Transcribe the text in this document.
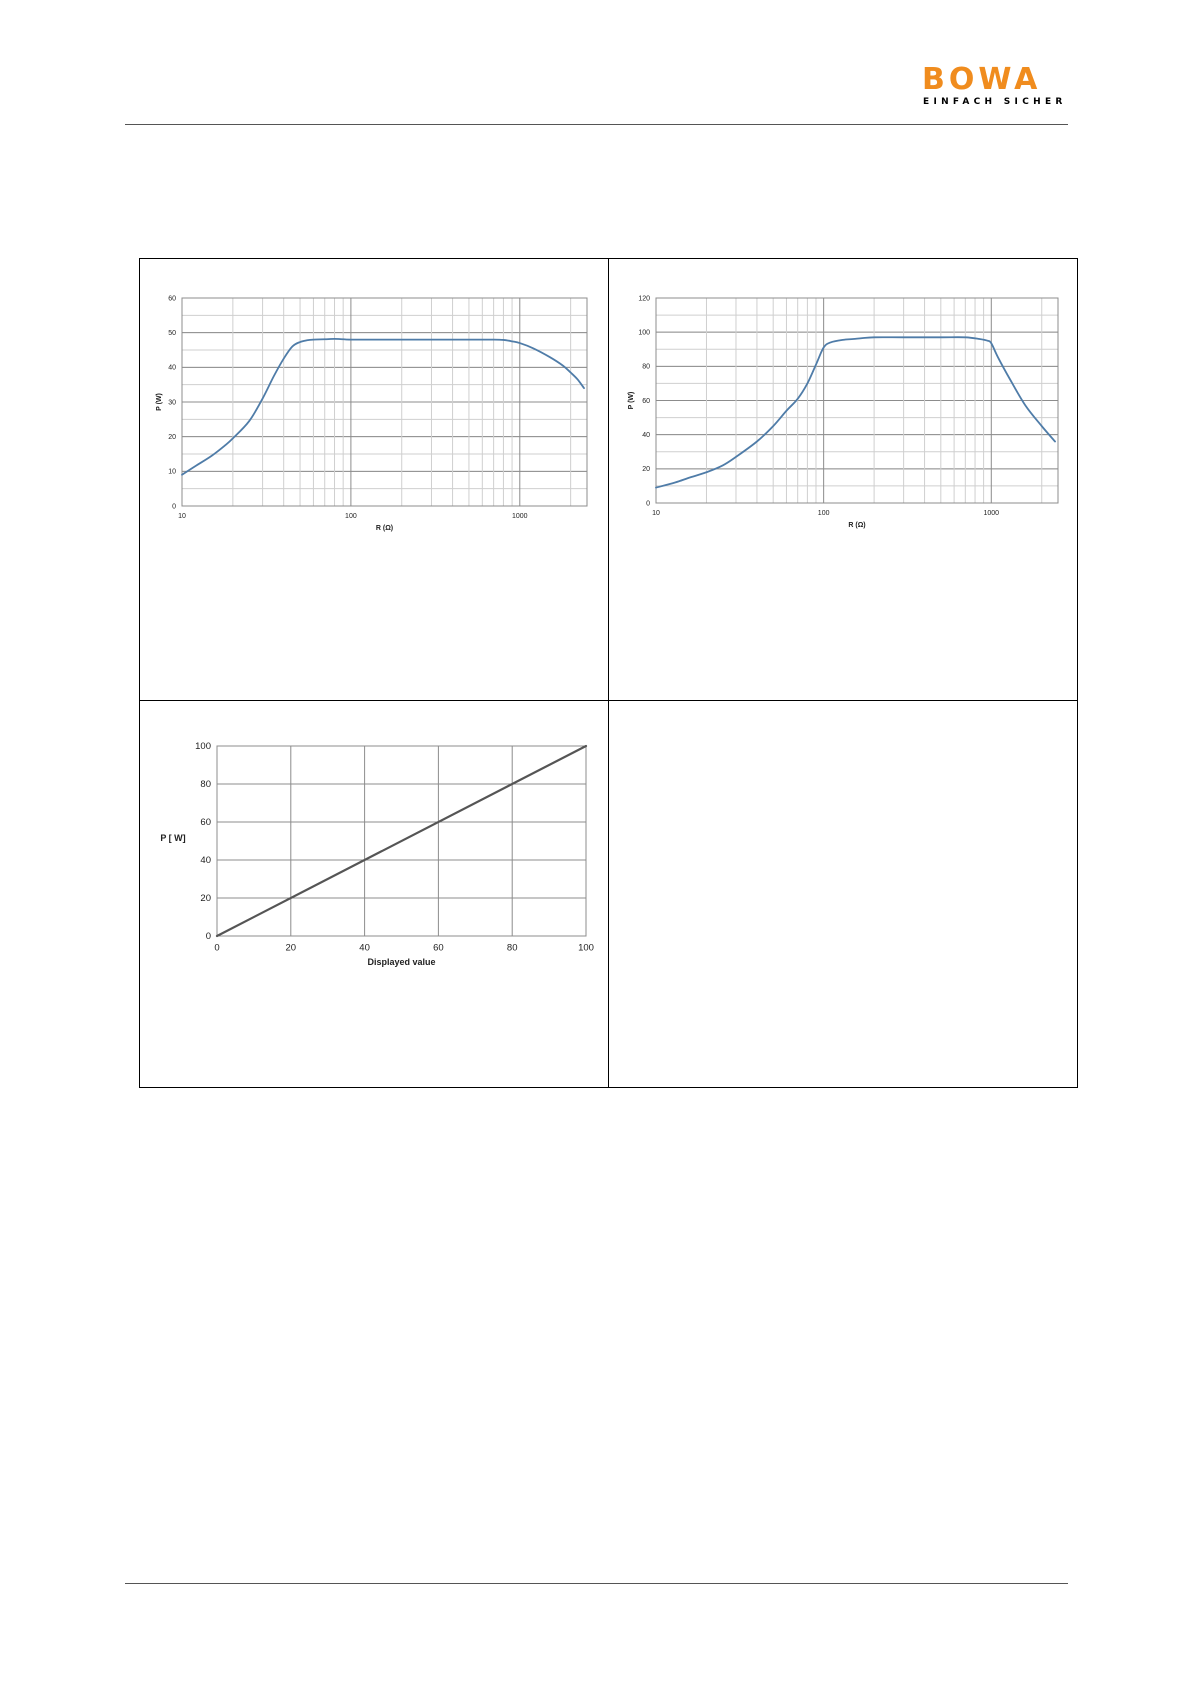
BOWA
EINFACH SICHER
0
10
20
30
40
50
60
10	100	1000
R (Ω)
P (W)
0
20
40
60
80
100
120
10	100	1000
R (Ω)
P (W)
0
20
40
60
80
100
0	20	40	60	80	100
Displayed value
P [ W]
